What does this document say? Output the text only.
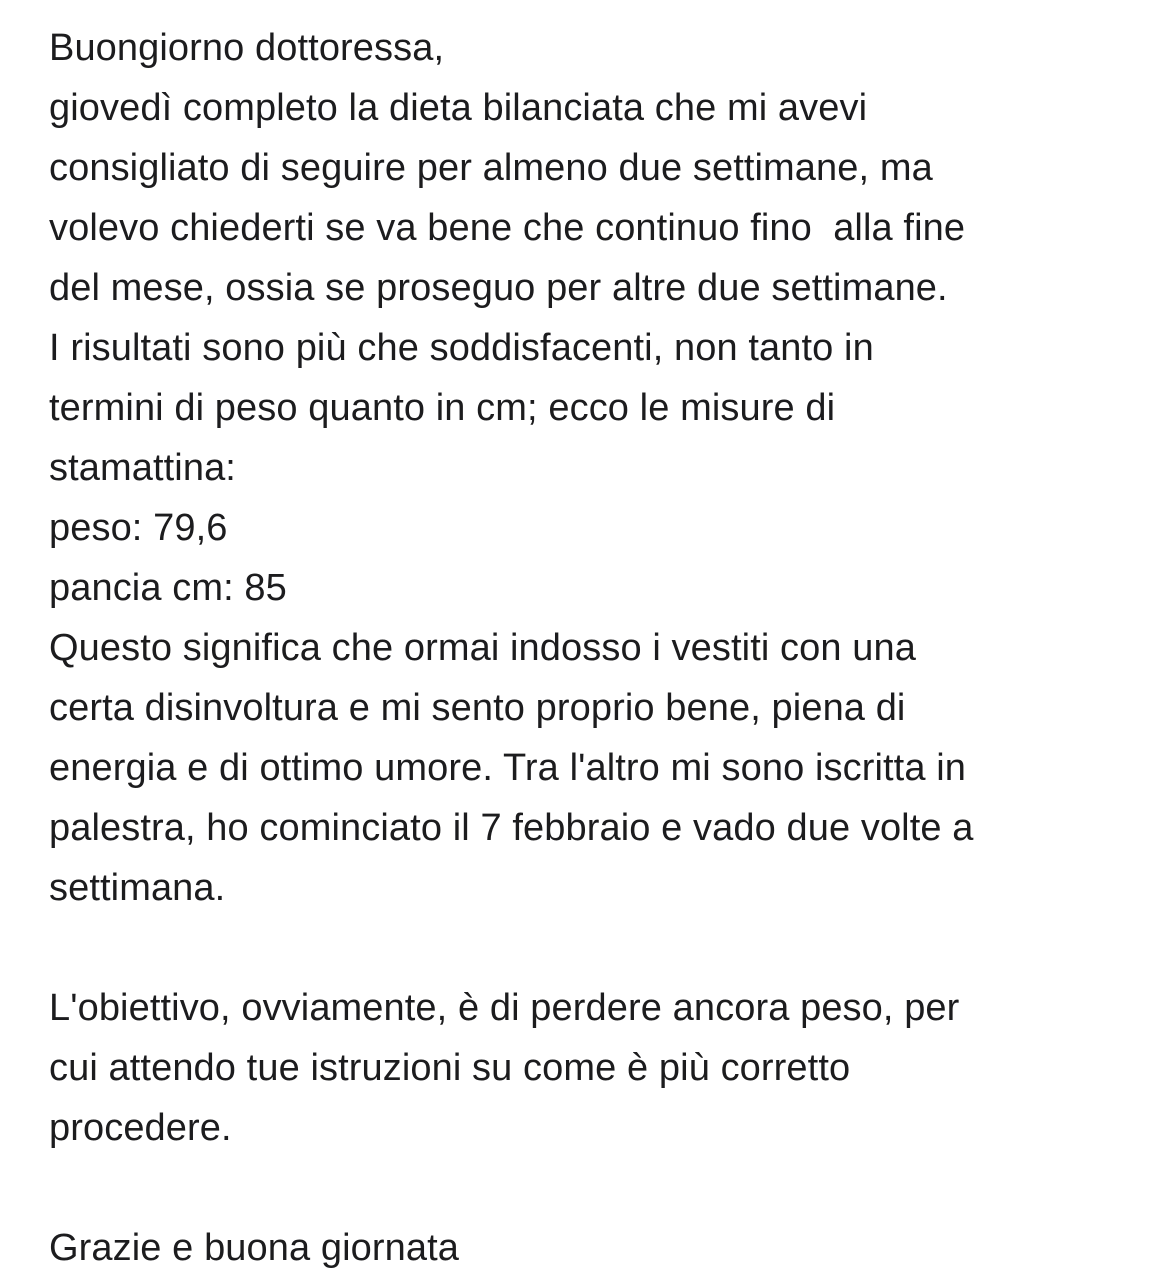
Buongiorno dottoressa,
giovedì completo la dieta bilanciata che mi avevi
consigliato di seguire per almeno due settimane, ma
volevo chiederti se va bene che continuo fino  alla fine
del mese, ossia se proseguo per altre due settimane.
I risultati sono più che soddisfacenti, non tanto in
termini di peso quanto in cm; ecco le misure di
stamattina:
peso: 79,6
pancia cm: 85
Questo significa che ormai indosso i vestiti con una
certa disinvoltura e mi sento proprio bene, piena di
energia e di ottimo umore. Tra l'altro mi sono iscritta in
palestra, ho cominciato il 7 febbraio e vado due volte a
settimana.
L'obiettivo, ovviamente, è di perdere ancora peso, per
cui attendo tue istruzioni su come è più corretto
procedere.
Grazie e buona giornata
